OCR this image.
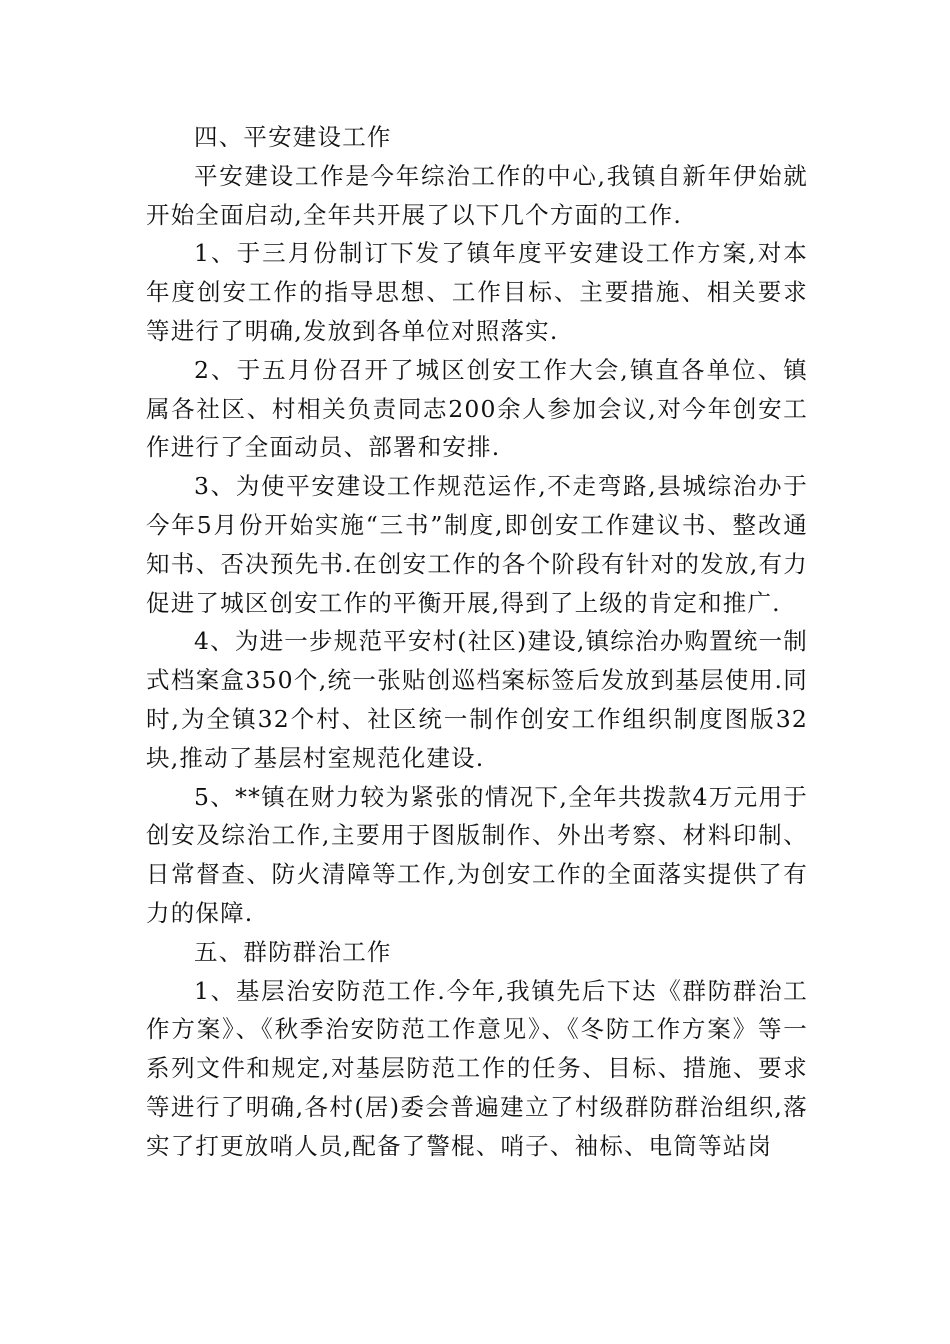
四、平安建设工作

平安建设工作是今年综治工作的中心,我镇自新年伊始就开始全面启动,全年共开展了以下几个方面的工作.

1、于三月份制订下发了镇年度平安建设工作方案,对本年度创安工作的指导思想、工作目标、主要措施、相关要求等进行了明确,发放到各单位对照落实.

2、于五月份召开了城区创安工作大会,镇直各单位、镇属各社区、村相关负责同志200余人参加会议,对今年创安工作进行了全面动员、部署和安排.

3、为使平安建设工作规范运作,不走弯路,县城综治办于今年5月份开始实施“三书”制度,即创安工作建议书、整改通知书、否决预先书.在创安工作的各个阶段有针对的发放,有力促进了城区创安工作的平衡开展,得到了上级的肯定和推广.

4、为进一步规范平安村(社区)建设,镇综治办购置统一制式档案盒350个,统一张贴创巡档案标签后发放到基层使用.同时,为全镇32个村、社区统一制作创安工作组织制度图版32块,推动了基层村室规范化建设.

5、**镇在财力较为紧张的情况下,全年共拨款4万元用于创安及综治工作,主要用于图版制作、外出考察、材料印制、日常督查、防火清障等工作,为创安工作的全面落实提供了有力的保障.

五、群防群治工作

1、基层治安防范工作.今年,我镇先后下达《群防群治工作方案》、《秋季治安防范工作意见》、《冬防工作方案》等一系列文件和规定,对基层防范工作的任务、目标、措施、要求等进行了明确,各村(居)委会普遍建立了村级群防群治组织,落实了打更放哨人员,配备了警棍、哨子、袖标、电筒等站岗
